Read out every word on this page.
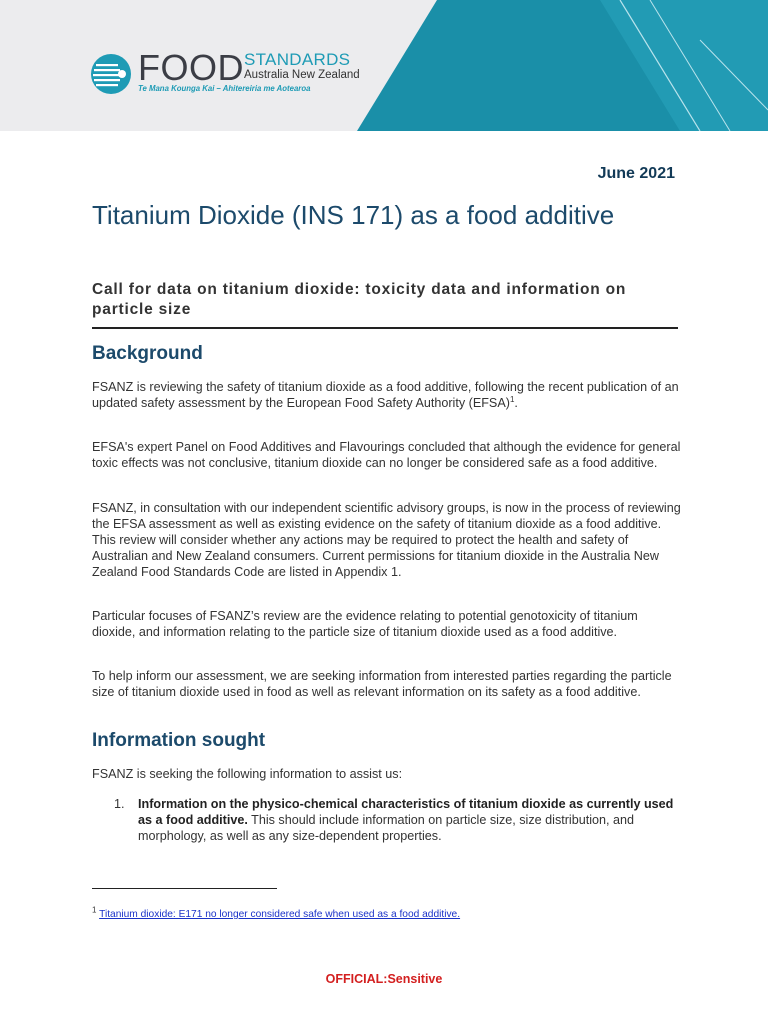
FOOD STANDARDS
Australia New Zealand
Te Mana Kounga Kai – Ahitereiria me Aotearoa
June 2021
Titanium Dioxide (INS 171) as a food additive

Call for data on titanium dioxide: toxicity data and information on particle size

Background

FSANZ is reviewing the safety of titanium dioxide as a food additive, following the recent publication of an updated safety assessment by the European Food Safety Authority (EFSA)$^1$.

EFSA's expert Panel on Food Additives and Flavourings concluded that although the evidence for general toxic effects was not conclusive, titanium dioxide can no longer be considered safe as a food additive.

FSANZ, in consultation with our independent scientific advisory groups, is now in the process of reviewing the EFSA assessment as well as existing evidence on the safety of titanium dioxide as a food additive. This review will consider whether any actions may be required to protect the health and safety of Australian and New Zealand consumers. Current permissions for titanium dioxide in the Australia New Zealand Food Standards Code are listed in Appendix 1.

Particular focuses of FSANZ’s review are the evidence relating to potential genotoxicity of titanium dioxide, and information relating to the particle size of titanium dioxide used as a food additive.

To help inform our assessment, we are seeking information from interested parties regarding the particle size of titanium dioxide used in food as well as relevant information on its safety as a food additive.

Information sought

FSANZ is seeking the following information to assist us:

1. Information on the physico-chemical characteristics of titanium dioxide as currently used as a food additive. This should include information on particle size, size distribution, and morphology, as well as any size-dependent properties.
$^1$ Titanium dioxide: E171 no longer considered safe when used as a food additive.
OFFICIAL:Sensitive
